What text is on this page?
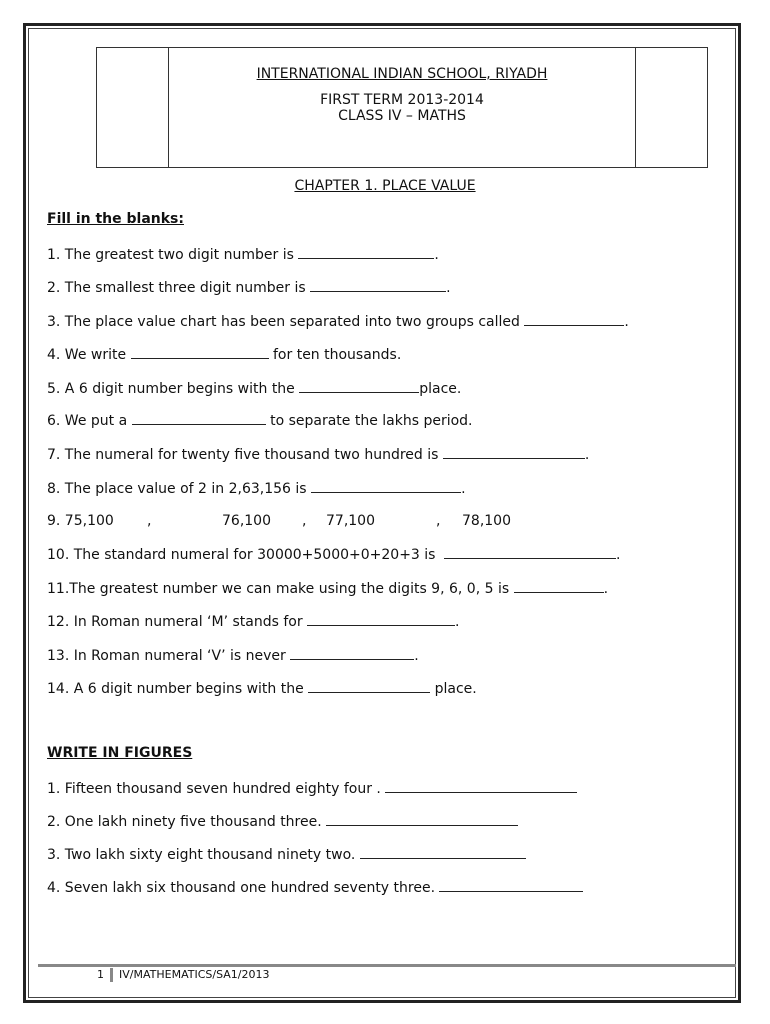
INTERNATIONAL INDIAN SCHOOL, RIYADH
FIRST TERM 2013-2014
CLASS IV – MATHS
CHAPTER 1. PLACE VALUE
Fill in the blanks:
1. The greatest two digit number is	.
2. The smallest three digit number is	.
3. The place value chart has been separated into two groups called	.
4. We write	for ten thousands.
5. A 6 digit number begins with the	place.
6. We put a	to separate the lakhs period.
7. The numeral for twenty five thousand two hundred is	.
8. The place value of 2 in 2,63,156 is	.
9. 75,100 ,	76,100 , 77,100	, 78,100
10. The standard numeral for 30000+5000+0+20+3 is	.
11.The greatest number we can make using the digits 9, 6, 0, 5 is	.
12. In Roman numeral ‘M’ stands for	.
13. In Roman numeral ‘V’ is never	.
14. A 6 digit number begins with the	place.
WRITE IN FIGURES
1. Fifteen thousand seven hundred eighty four .
2. One lakh ninety five thousand three.
3. Two lakh sixty eight thousand ninety two.
4. Seven lakh six thousand one hundred seventy three.
1 IV/MATHEMATICS/SA1/2013
